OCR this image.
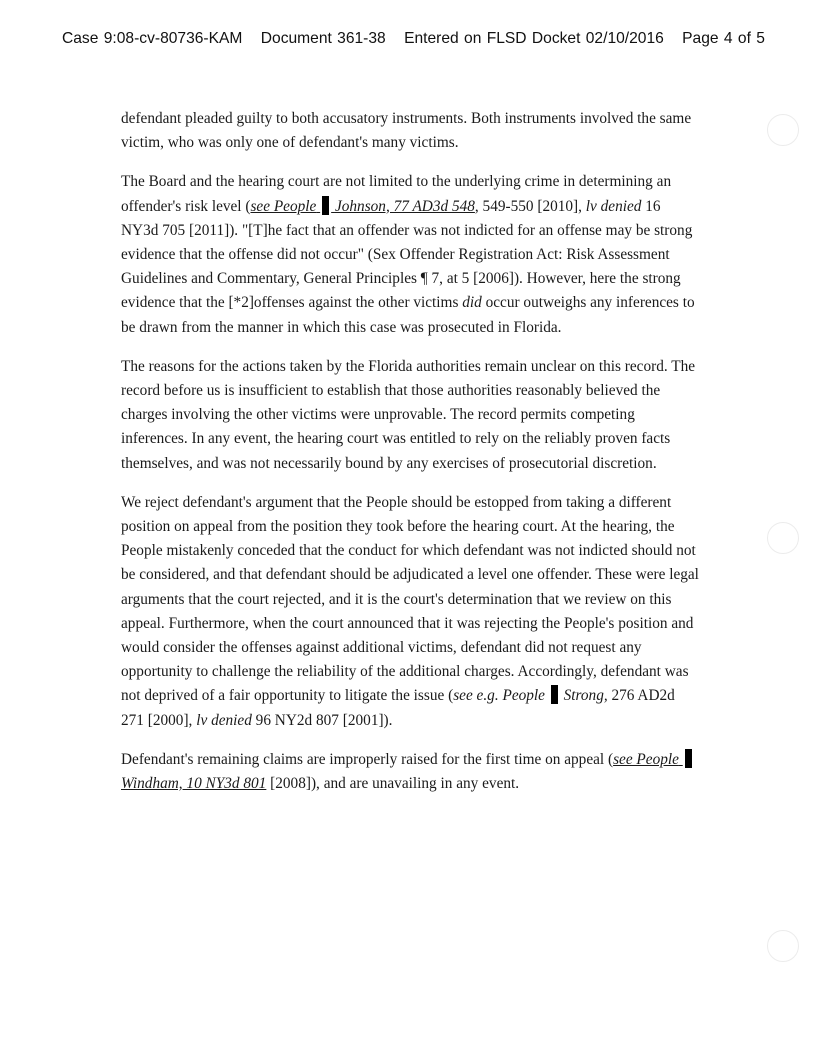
Case 9:08-cv-80736-KAM Document 361-38 Entered on FLSD Docket 02/10/2016 Page 4 of 5

defendant pleaded guilty to both accusatory instruments. Both instruments involved the same victim, who was only one of defendant's many victims.

The Board and the hearing court are not limited to the underlying crime in determining an offender's risk level (see People Johnson, 77 AD3d 548, 549-550 [2010], lv denied 16 NY3d 705 [2011]). "[T]he fact that an offender was not indicted for an offense may be strong evidence that the offense did not occur" (Sex Offender Registration Act: Risk Assessment Guidelines and Commentary, General Principles ¶ 7, at 5 [2006]). However, here the strong evidence that the [*2]offenses against the other victims did occur outweighs any inferences to be drawn from the manner in which this case was prosecuted in Florida.

The reasons for the actions taken by the Florida authorities remain unclear on this record. The record before us is insufficient to establish that those authorities reasonably believed the charges involving the other victims were unprovable. The record permits competing inferences. In any event, the hearing court was entitled to rely on the reliably proven facts themselves, and was not necessarily bound by any exercises of prosecutorial discretion.

We reject defendant's argument that the People should be estopped from taking a different position on appeal from the position they took before the hearing court. At the hearing, the People mistakenly conceded that the conduct for which defendant was not indicted should not be considered, and that defendant should be adjudicated a level one offender. These were legal arguments that the court rejected, and it is the court's determination that we review on this appeal. Furthermore, when the court announced that it was rejecting the People's position and would consider the offenses against additional victims, defendant did not request any opportunity to challenge the reliability of the additional charges. Accordingly, defendant was not deprived of a fair opportunity to litigate the issue (see e.g. People Strong, 276 AD2d 271 [2000], lv denied 96 NY2d 807 [2001]).

Defendant's remaining claims are improperly raised for the first time on appeal (see People  Windham, 10 NY3d 801 [2008]), and are unavailing in any event.
